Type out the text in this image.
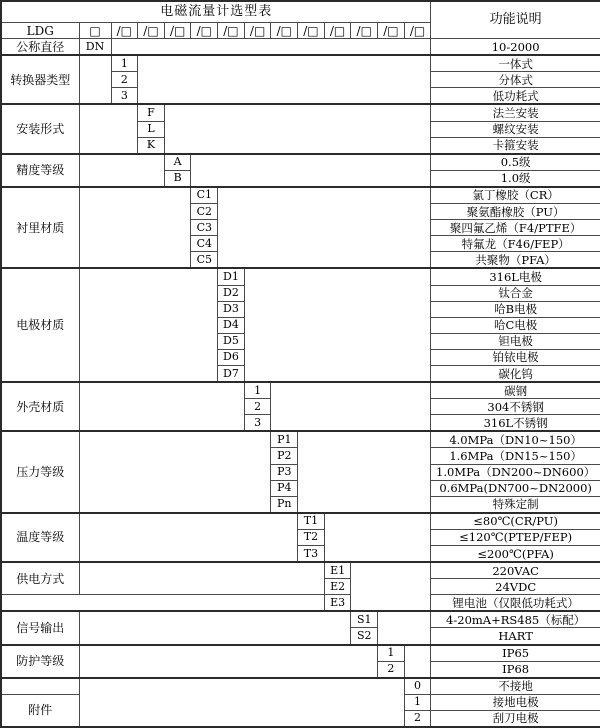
电磁流量计选型表														功能说明
LDG	□	/□	/□	/□	/□	/□	/□	/□	/□	/□	/□	/□	/□	
公称直径	DN													10-2000
转换器类型		1												一体式
		2												分体式
		3												低功耗式
安装形式			F											法兰安装
			L											螺纹安装
			K											卡箍安装
精度等级				A										0.5级
				B										1.0级
衬里材质					C1									氯丁橡胶（CR）
					C2									聚氨酯橡胶（PU）
					C3									聚四氟乙烯（F4/PTFE）
					C4									特氟龙（F46/FEP）
					C5									共聚物（PFA）
电极材质						D1								316L电极
						D2								钛合金
						D3								哈B电极
						D4								哈C电极
						D5								钽电极
						D6								铂铱电极
						D7								碳化钨
外壳材质							1							碳钢
							2							304不锈钢
							3							316L不锈钢
压力等级								P1						4.0MPa（DN10~150）
								P2						1.6MPa（DN15~150）
								P3						1.0MPa（DN200~DN600）
								P4						0.6MPa(DN700~DN2000)
								Pn						特殊定制
温度等级									T1					≤80℃(CR/PU)
									T2					≤120℃(PTEP/FEP)
									T3					≤200℃(PFA)
供电方式										E1				220VAC
										E2				24VDC
										E3				锂电池（仅限低功耗式）
信号输出											S1			4-20mA+RS485（标配）
											S2			HART
防护等级												1		IP65
												2		IP68
													0	不接地
附件													1	接地电极
													2	刮刀电极
